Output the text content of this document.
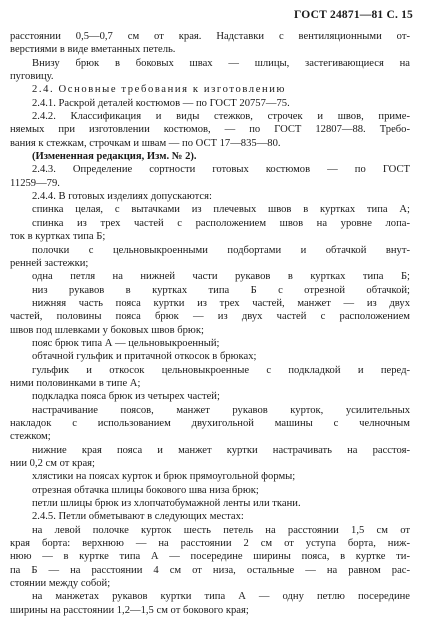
ГОСТ 24871—81 С. 15
расстоянии 0,5—0,7 см от края. Надставки с вентиляционными от-
верстиями в виде вметанных петель.
Внизу брюк в боковых швах — шлицы, застегивающиеся на
пуговицу.
2.4. Основные требования к изготовлению
2.4.1. Раскрой деталей костюмов — по ГОСТ 20757—75.
2.4.2. Классификация и виды стежков, строчек и швов, приме-
няемых при изготовлении костюмов, — по ГОСТ 12807—88. Требо-
вания к стежкам, строчкам и швам — по ОСТ 17—835—80.
(Измененная редакция, Изм. № 2).
2.4.3. Определение сортности готовых костюмов — по ГОСТ
11259—79.
2.4.4. В готовых изделиях допускаются:
спинка целая, с вытачками из плечевых швов в куртках типа А;
спинка из трех частей с расположением швов на уровне лопа-
ток в куртках типа Б;
полочки с цельновыкроенными подбортами и обтачкой внут-
ренней застежки;
одна петля на нижней части рукавов в куртках типа Б;
низ рукавов в куртках типа Б с отрезной обтачкой;
нижняя часть пояса куртки из трех частей, манжет — из двух
частей, половины пояса брюк — из двух частей с расположением
швов под шлевками у боковых швов брюк;
пояс брюк типа А — цельновыкроенный;
обтачной гульфик и притачной откосок в брюках;
гульфик и откосок цельновыкроенные с подкладкой и перед-
ними половинками в типе А;
подкладка пояса брюк из четырех частей;
настрачивание поясов, манжет рукавов курток, усилительных
накладок с использованием двухигольной машины с челночным
стежком;
нижние края пояса и манжет куртки настрачивать на расстоя-
нии 0,2 см от края;
хлястики на поясах курток и брюк прямоугольной формы;
отрезная обтачка шлицы бокового шва низа брюк;
петли шлицы брюк из хлопчатобумажной ленты или ткани.
2.4.5. Петли обметывают в следующих местах:
на левой полочке курток шесть петель на расстоянии 1,5 см от
края борта: верхнюю — на расстоянии 2 см от уступа борта, ниж-
нюю — в куртке типа А — посередине ширины пояса, в куртке ти-
па Б — на расстоянии 4 см от низа, остальные — на равном рас-
стоянии между собой;
на манжетах рукавов куртки типа А — одну петлю посередине
ширины на расстоянии 1,2—1,5 см от бокового края;
